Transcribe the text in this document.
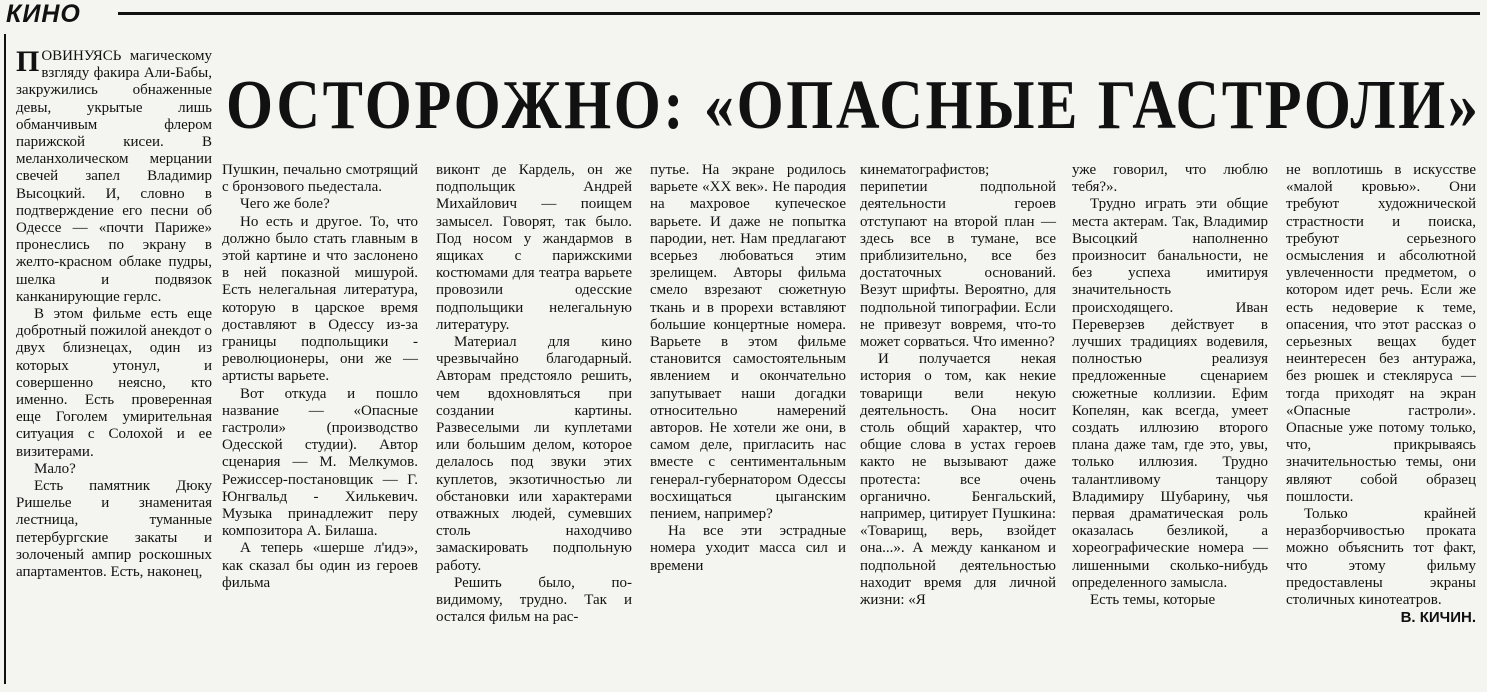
КИНО
ОСТОРОЖНО: «ОПАСНЫЕ ГАСТРОЛИ»

ПОВИНУЯСЬ магическому взгляду факира Али-Бабы, закружились обнаженные девы, укрытые лишь обманчивым флером парижской кисеи. В меланхолическом мерцании свечей запел Владимир Высоцкий. И, словно в подтверждение его песни об Одессе — «почти Париже» пронеслись по экрану в желто-красном облаке пудры, шелка и подвязок канканирующие герлс.

В этом фильме есть еще добротный пожилой анекдот о двух близнецах, один из которых утонул, и совершенно неясно, кто именно. Есть проверенная еще Гоголем умирительная ситуация с Солохой и ее визитерами.

Мало?

Есть памятник Дюку Ришелье и знаменитая лестница, туманные петербургские закаты и золоченый ампир роскошных апартаментов. Есть, наконец,

Пушкин, печально смотрящий с бронзового пьедестала.

Чего же боле?

Но есть и другое. То, что должно было стать главным в этой картине и что заслонено в ней показной мишурой. Есть нелегальная литература, которую в царское время доставляют в Одессу из-за границы подпольщики - революционеры, они же — артисты варьете.

Вот откуда и пошло название — «Опасные гастроли» (производство Одесской студии). Автор сценария — М. Мелкумов. Режиссер-постановщик — Г. Юнгвальд - Хилькевич. Музыка принадлежит перу композитора А. Билаша.

А теперь «шерше л'идэ», как сказал бы один из героев фильма

виконт де Кардель, он же подпольщик Андрей Михайлович — поищем замысел. Говорят, так было. Под носом у жандармов в ящиках с парижскими костюмами для театра варьете провозили одесские подпольщики нелегальную литературу.

Материал для кино чрезвычайно благодарный. Авторам предстояло решить, чем вдохновляться при создании картины. Развеселыми ли куплетами или большим делом, которое делалось под звуки этих куплетов, экзотичностью ли обстановки или характерами отважных людей, сумевших столь находчиво замаскировать подпольную работу.

Решить было, по-видимому, трудно. Так и остался фильм на рас-

путье. На экране родилось варьете «XX век». Не пародия на махровое купеческое варьете. И даже не попытка пародии, нет. Нам предлагают всерьез любоваться этим зрелищем. Авторы фильма смело взрезают сюжетную ткань и в прорехи вставляют большие концертные номера. Варьете в этом фильме становится самостоятельным явлением и окончательно запутывает наши догадки относительно намерений авторов. Не хотели же они, в самом деле, пригласить нас вместе с сентиментальным генерал-губернатором Одессы восхищаться цыганским пением, например?

На все эти эстрадные номера уходит масса сил и времени

кинематографистов; перипетии подпольной деятельности героев отступают на второй план — здесь все в тумане, все приблизительно, все без достаточных оснований. Везут шрифты. Вероятно, для подпольной типографии. Если не привезут вовремя, что-то может сорваться. Что именно?

И получается некая история о том, как некие товарищи вели некую деятельность. Она носит столь общий характер, что общие слова в устах героев както не вызывают даже протеста: все очень органично. Бенгальский, например, цитирует Пушкина: «Товарищ, верь, взойдет она...». А между канканом и подпольной деятельностью находит время для личной жизни: «Я

уже говорил, что люблю тебя?».

Трудно играть эти общие места актерам. Так, Владимир Высоцкий наполненно произносит банальности, не без успеха имитируя значительность происходящего. Иван Переверзев действует в лучших традициях водевиля, полностью реализуя предложенные сценарием сюжетные коллизии. Ефим Копелян, как всегда, умеет создать иллюзию второго плана даже там, где это, увы, только иллюзия. Трудно талантливому танцору Владимиру Шубарину, чья первая драматическая роль оказалась безликой, а хореографические номера — лишенными сколько-нибудь определенного замысла.

Есть темы, которые

не воплотишь в искусстве «малой кровью». Они требуют художнической страстности и поиска, требуют серьезного осмысления и абсолютной увлеченности предметом, о котором идет речь. Если же есть недоверие к теме, опасения, что этот рассказ о серьезных вещах будет неинтересен без антуража, без рюшек и стекляруса — тогда приходят на экран «Опасные гастроли». Опасные уже потому только, что, прикрываясь значительностью темы, они являют собой образец пошлости.

Только крайней неразборчивостью проката можно объяснить тот факт, что этому фильму предоставлены экраны столичных кинотеатров.

В. КИЧИН.
